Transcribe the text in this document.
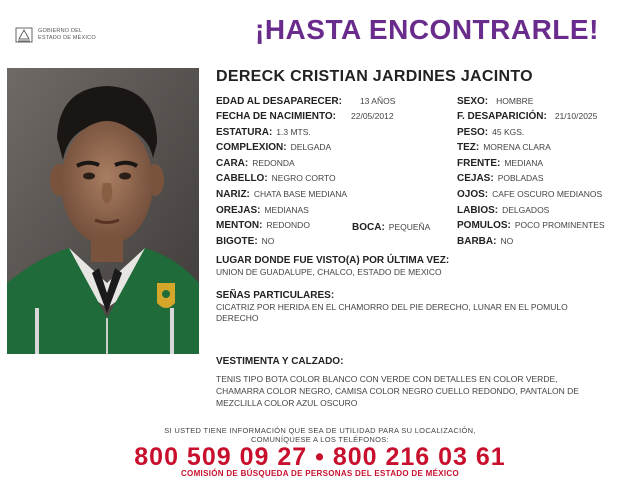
GOBIERNO DEL
ESTADO DE MÉXICO	¡HASTA ENCONTRARLE!
DERECK CRISTIAN JARDINES JACINTO
EDAD AL DESAPARECER: 13 AÑOS
FECHA DE NACIMIENTO: 22/05/2012
ESTATURA: 1.3 MTS.
COMPLEXION: DELGADA
CARA: REDONDA
CABELLO: NEGRO CORTO
NARIZ: CHATA BASE MEDIANA
OREJAS: MEDIANAS
MENTON: REDONDO
BIGOTE: NO
BOCA: PEQUEÑA
SEXO: HOMBRE
F. DESAPARICIÓN: 21/10/2025
PESO: 45 KGS.
TEZ: MORENA CLARA
FRENTE: MEDIANA
CEJAS: POBLADAS
OJOS: CAFE OSCURO MEDIANOS
LABIOS: DELGADOS
POMULOS: POCO PROMINENTES
BARBA: NO
LUGAR DONDE FUE VISTO(A) POR ÚLTIMA VEZ:
UNION DE GUADALUPE, CHALCO, ESTADO DE MEXICO
SEÑAS PARTICULARES:
CICATRIZ POR HERIDA EN EL CHAMORRO DEL PIE DERECHO, LUNAR EN EL POMULO
DERECHO
VESTIMENTA Y CALZADO:
TENIS TIPO BOTA COLOR BLANCO CON VERDE CON DETALLES EN COLOR VERDE,
CHAMARRA COLOR NEGRO, CAMISA COLOR NEGRO CUELLO REDONDO, PANTALON DE
MEZCLILLA COLOR AZUL OSCURO
SI USTED TIENE INFORMACIÓN QUE SEA DE UTILIDAD PARA SU LOCALIZACIÓN,
COMUNÍQUESE A LOS TELÉFONOS:
800 509 09 27 • 800 216 03 61
COMISIÓN DE BÚSQUEDA DE PERSONAS DEL ESTADO DE MÉXICO
